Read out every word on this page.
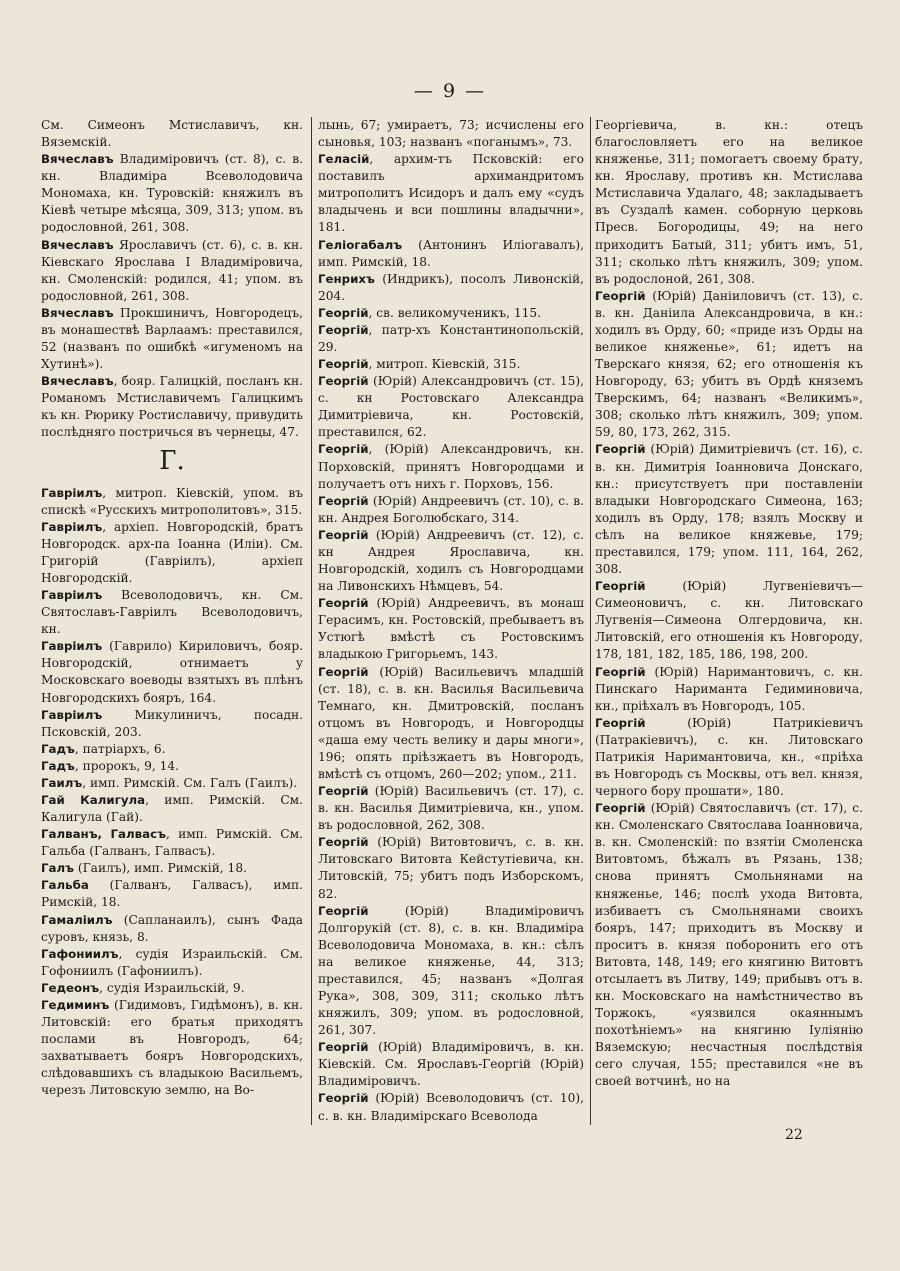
— 9 —
См. Симеонъ Мстиславичъ, кн. Вяземскій.
Вячеславъ Владиміровичъ (ст. 8), с. в. кн. Владиміра Всеволодовича Мономаха, кн. Туровскій: княжилъ въ Кіевѣ четыре мѣсяца, 309, 313; упом. въ родословной, 261, 308.
Вячеславъ Ярославичъ (ст. 6), с. в. кн. Кіевскаго Ярослава I Владиміровича, кн. Смоленскій: родился, 41; упом. въ родословной, 261, 308.
Вячеславъ Прокшиничъ, Новгородецъ, въ монашествѣ Варлаамъ: преставился, 52 (названъ по ошибкѣ «игуменомъ на Хутинѣ»).
Вячеславъ, бояр. Галицкій, посланъ кн. Романомъ Мстиславичемъ Галицкимъ къ кн. Рюрику Ростиславичу, привудить послѣдняго постричься въ чернецы, 47.
Г.
Гавріилъ, митроп. Кіевскій, упом. въ спискѣ «Русскихъ митрополитовъ», 315.
Гавріилъ, архіеп. Новгородскій, братъ Новгородск. арх-па Іоанна (Иліи). См. Григорій (Гавріилъ), архіеп Новгородскій.
Гавріилъ Всеволодовичъ, кн. См. Святославъ-Гавріилъ Всеволодовичъ, кн.
Гавріилъ (Гаврило) Кириловичъ, бояр. Новгородскій, отнимаетъ у Московскаго воеводы взятыхъ въ плѣнъ Новгородскихъ бояръ, 164.
Гавріилъ Микулиничъ, посадн. Псковскій, 203.
Гадъ, патріархъ, 6.
Гадъ, пророкъ, 9, 14.
Гаилъ, имп. Римскій. См. Галъ (Гаилъ).
Гай Калигула, имп. Римскій. См. Калигула (Гай).
Галванъ, Галвасъ, имп. Римскій. См. Гальба (Галванъ, Галвасъ).
Галъ (Гаилъ), имп. Римскій, 18.
Гальба (Галванъ, Галвасъ), имп. Римскій, 18.
Гамаліилъ (Сапланаилъ), сынъ Фада суровъ, князь, 8.
Гафониилъ, судія Израильскій. См. Гофониилъ (Гафониилъ).
Гедеонъ, судія Израильскій, 9.
Гедиминъ (Гидимовъ, Гидѣмонъ), в. кн. Литовскій: его братья приходятъ послами въ Новгородъ, 64; захватываетъ бояръ Новгородскихъ, слѣдовавшихъ съ владыкою Васильемъ, черезъ Литовскую землю, на Во-
лынь, 67; умираетъ, 73; исчислены его сыновья, 103; названъ «поганымъ», 73.
Геласій, архим-тъ Псковскій: его поставилъ архимандритомъ митрополитъ Исидоръ и далъ ему «судъ владычень и вси пошлины владычни», 181.
Геліогабалъ (Антонинъ Иліогавалъ), имп. Римскій, 18.
Генрихъ (Индрикъ), посолъ Ливонскій, 204.
Георгій, св. великомученикъ, 115.
Георгій, патр-хъ Константинопольскій, 29.
Георгій, митроп. Кіевскій, 315.
Георгій (Юрій) Александровичъ (ст. 15), с. кн Ростовскаго Александра Димитріевича, кн. Ростовскій, преставился, 62.
Георгій, (Юрій) Александровичъ, кн. Порховскій, принятъ Новгородцами и получаетъ отъ нихъ г. Порховъ, 156.
Георгій (Юрій) Андреевичъ (ст. 10), с. в. кн. Андрея Боголюбскаго, 314.
Георгій (Юрій) Андреевичъ (ст. 12), с. кн Андрея Ярославича, кн. Новгородскій, ходилъ съ Новгородцами на Ливонскихъ Нѣмцевъ, 54.
Георгій (Юрій) Андреевичъ, въ монаш Герасимъ, кн. Ростовскій, пребываетъ въ Устюгѣ вмѣстѣ съ Ростовскимъ владыкою Григорьемъ, 143.
Георгій (Юрій) Васильевичъ младшій (ст. 18), с. в. кн. Василья Васильевича Темнаго, кн. Дмитровскій, посланъ отцомъ въ Новгородъ, и Новгородцы «даша ему честь велику и дары многи», 196; опять пріѣзжаетъ въ Новгородъ, вмѣстѣ съ отцомъ, 260—202; упом., 211.
Георгій (Юрій) Васильевичъ (ст. 17), с. в. кн. Василья Димитріевича, кн., упом. въ родословной, 262, 308.
Георгій (Юрій) Витовтовичъ, с. в. кн. Литовскаго Витовта Кейстутіевича, кн. Литовскій, 75; убитъ подъ Изборскомъ, 82.
Георгій (Юрій) Владиміровичъ Долгорукій (ст. 8), с. в. кн. Владиміра Всеволодовича Мономаха, в. кн.: сѣлъ на великое княженье, 44, 313; преставился, 45; названъ «Долгая Рука», 308, 309, 311; сколько лѣтъ княжилъ, 309; упом. въ родословной, 261, 307.
Георгій (Юрій) Владиміровичъ, в. кн. Кіевскій. См. Ярославъ-Георгій (Юрій) Владиміровичъ.
Георгій (Юрій) Всеволодовичъ (ст. 10), с. в. кн. Владимірскаго Всеволода
Георгіевича, в. кн.: отецъ благословляетъ его на великое княженье, 311; помогаетъ своему брату, кн. Ярославу, противъ кн. Мстислава Мстиславича Удалаго, 48; закладываетъ въ Суздалѣ камен. соборную церковь Пресв. Богородицы, 49; на него приходитъ Батый, 311; убитъ имъ, 51, 311; сколько лѣтъ княжилъ, 309; упом. въ родослоной, 261, 308.
Георгій (Юрій) Даніиловичъ (ст. 13), с. в. кн. Даніила Александровича, в кн.: ходилъ въ Орду, 60; «приде изъ Орды на великое княженье», 61; идетъ на Тверскаго князя, 62; его отношенія къ Новгороду, 63; убитъ въ Ордѣ княземъ Тверскимъ, 64; названъ «Великимъ», 308; сколько лѣтъ княжилъ, 309; упом. 59, 80, 173, 262, 315.
Георгій (Юрій) Димитріевичъ (ст. 16), с. в. кн. Димитрія Іоанновича Донскаго, кн.: присутствуетъ при поставленіи владыки Новгородскаго Симеона, 163; ходилъ въ Орду, 178; взялъ Москву и сѣлъ на великое княжевье, 179; преставился, 179; упом. 111, 164, 262, 308.
Георгій (Юрій) Лугвеніевичъ—Симеоновичъ, с. кн. Литовскаго Лугвенія—Симеона Олгердовича, кн. Литовскій, его отношенія къ Новгороду, 178, 181, 182, 185, 186, 198, 200.
Георгій (Юрій) Наримантовичъ, с. кн. Пинскаго Нариманта Гедиминовича, кн., пріѣхалъ въ Новгородъ, 105.
Георгій (Юрій) Патрикіевичъ (Патракіевичъ), с. кн. Литовскаго Патрикія Наримантовича, кн., «пріѣха въ Новгородъ съ Москвы, отъ вел. князя, черного бору прошати», 180.
Георгій (Юрій) Святославичъ (ст. 17), с. кн. Смоленскаго Святослава Іоанновича, в. кн. Смоленскій: по взятіи Смоленска Витовтомъ, бѣжалъ въ Рязань, 138; снова принятъ Смольнянами на княженье, 146; послѣ ухода Витовта, избиваетъ съ Смольнянами своихъ бояръ, 147; приходитъ въ Москву и проситъ в. князя поборонить его отъ Витовта, 148, 149; его княгиню Витовтъ отсылаетъ въ Литву, 149; прибывъ отъ в. кн. Московскаго на намѣстничество въ Торжокъ, «уязвился окаяннымъ похотѣніемъ» на княгиню Іуліянію Вяземскую; несчастныя послѣдствія сего случая, 155; преставился «не въ своей вотчинѣ, но на
22
